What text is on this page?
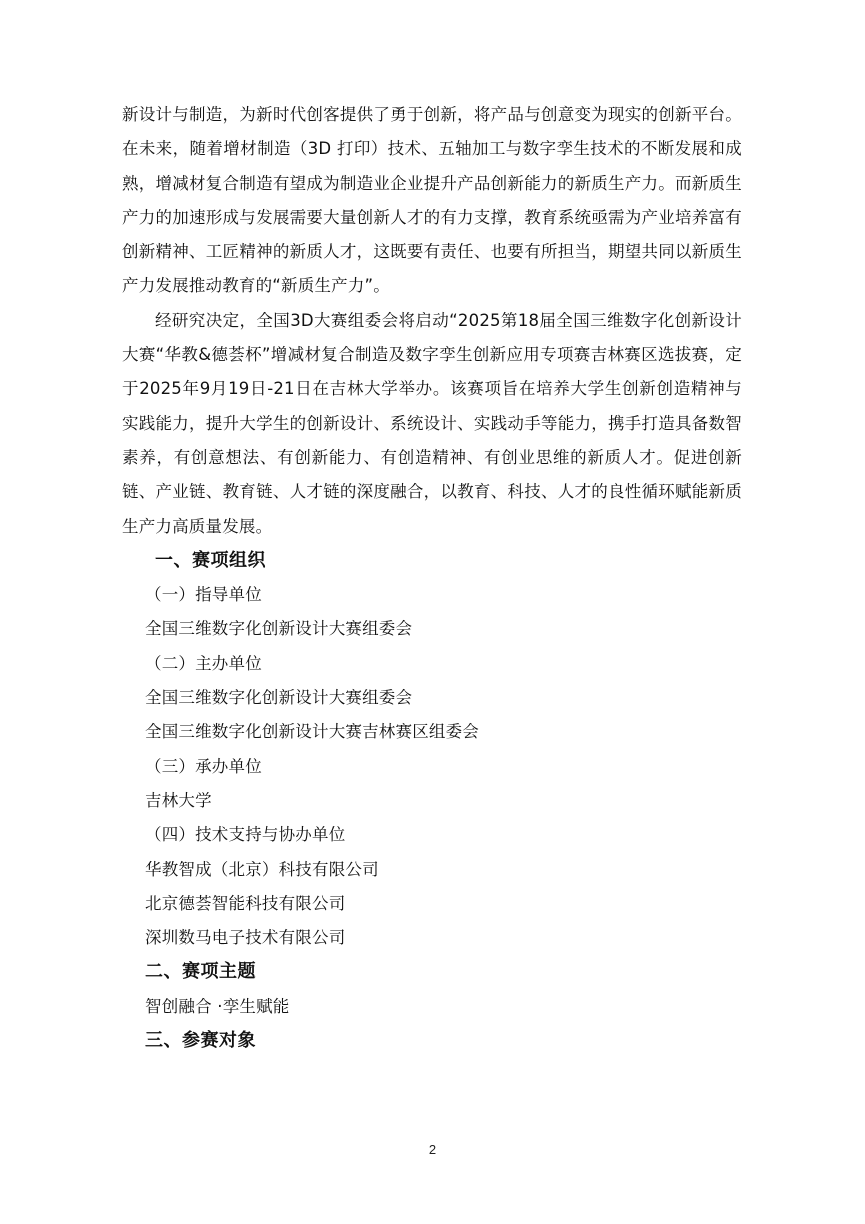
新设计与制造，为新时代创客提供了勇于创新，将产品与创意变为现实的创新平台。在未来，随着增材制造（3D 打印）技术、五轴加工与数字孪生技术的不断发展和成熟，增减材复合制造有望成为制造业企业提升产品创新能力的新质生产力。而新质生产力的加速形成与发展需要大量创新人才的有力支撑，教育系统亟需为产业培养富有创新精神、工匠精神的新质人才，这既要有责任、也要有所担当，期望共同以新质生产力发展推动教育的“新质生产力”。

经研究决定，全国3D大赛组委会将启动“2025第18届全国三维数字化创新设计大赛“华教&德荟杯”增减材复合制造及数字孪生创新应用专项赛吉林赛区选拔赛，定于2025年9月19日-21日在吉林大学举办。该赛项旨在培养大学生创新创造精神与实践能力，提升大学生的创新设计、系统设计、实践动手等能力，携手打造具备数智素养，有创意想法、有创新能力、有创造精神、有创业思维的新质人才。促进创新链、产业链、教育链、人才链的深度融合，以教育、科技、人才的良性循环赋能新质生产力高质量发展。

一、赛项组织

（一）指导单位

全国三维数字化创新设计大赛组委会

（二）主办单位

全国三维数字化创新设计大赛组委会

全国三维数字化创新设计大赛吉林赛区组委会

（三）承办单位

吉林大学

（四）技术支持与协办单位

华教智成（北京）科技有限公司

北京德荟智能科技有限公司

深圳数马电子技术有限公司

二、赛项主题

智创融合 ·孪生赋能

三、参赛对象

2
